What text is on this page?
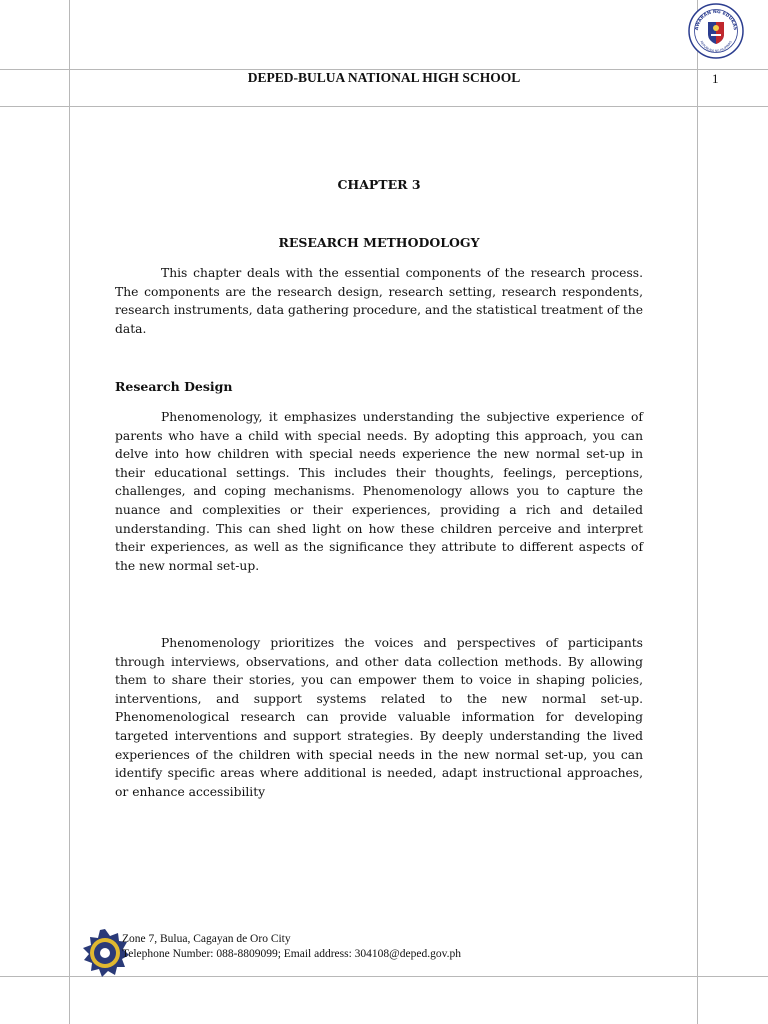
DEPED-BULUA NATIONAL HIGH SCHOOL	1
AWARAN NG EDUKAS
REPUBLIKA NG PILIPINAS
CHAPTER 3
RESEARCH METHODOLOGY

This chapter deals with the essential components of the research process. The components are the research design, research setting, research respondents, research instruments, data gathering procedure, and the statistical treatment of the data.

Research Design

Phenomenology, it emphasizes understanding the subjective experience of parents who have a child with special needs. By adopting this approach, you can delve into how children with special needs experience the new normal set-up in their educational settings. This includes their thoughts, feelings, perceptions, challenges, and coping mechanisms. Phenomenology allows you to capture the nuance and complexities or their experiences, providing a rich and detailed understanding. This can shed light on how these children perceive and interpret their experiences, as well as the significance they attribute to different aspects of the new normal set-up.

Phenomenology prioritizes the voices and perspectives of participants through interviews, observations, and other data collection methods. By allowing them to share their stories, you can empower them to voice in shaping policies, interventions, and support systems related to the new normal set-up. Phenomenological research can provide valuable information for developing targeted interventions and support strategies. By deeply understanding the lived experiences of the children with special needs in the new normal set-up, you can identify specific areas where additional is needed, adapt instructional approaches, or enhance accessibility

Zone 7, Bulua, Cagayan de Oro City
Telephone Number: 088-8809099; Email address: 304108@deped.gov.ph
